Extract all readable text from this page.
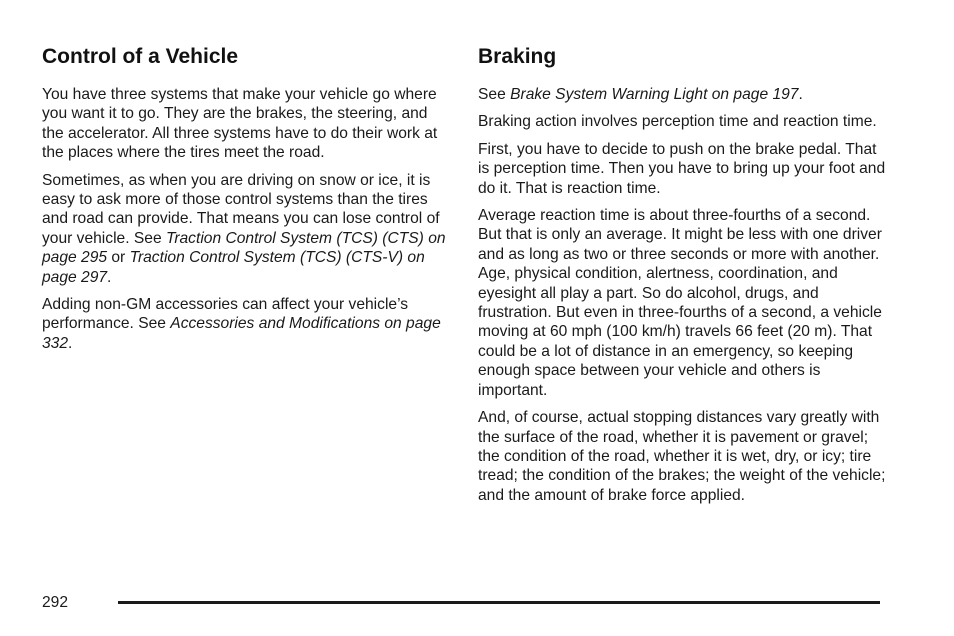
Control of a Vehicle

You have three systems that make your vehicle go where you want it to go. They are the brakes, the steering, and the accelerator. All three systems have to do their work at the places where the tires meet the road.

Sometimes, as when you are driving on snow or ice, it is easy to ask more of those control systems than the tires and road can provide. That means you can lose control of your vehicle. See Traction Control System (TCS) (CTS) on page 295 or Traction Control System (TCS) (CTS-V) on page 297.

Adding non-GM accessories can affect your vehicle’s performance. See Accessories and Modifications on page 332.

Braking

See Brake System Warning Light on page 197.

Braking action involves perception time and reaction time.

First, you have to decide to push on the brake pedal. That is perception time. Then you have to bring up your foot and do it. That is reaction time.

Average reaction time is about three-fourths of a second. But that is only an average. It might be less with one driver and as long as two or three seconds or more with another. Age, physical condition, alertness, coordination, and eyesight all play a part. So do alcohol, drugs, and frustration. But even in three-fourths of a second, a vehicle moving at 60 mph (100 km/h) travels 66 feet (20 m). That could be a lot of distance in an emergency, so keeping enough space between your vehicle and others is important.

And, of course, actual stopping distances vary greatly with the surface of the road, whether it is pavement or gravel; the condition of the road, whether it is wet, dry, or icy; tire tread; the condition of the brakes; the weight of the vehicle; and the amount of brake force applied.

292
